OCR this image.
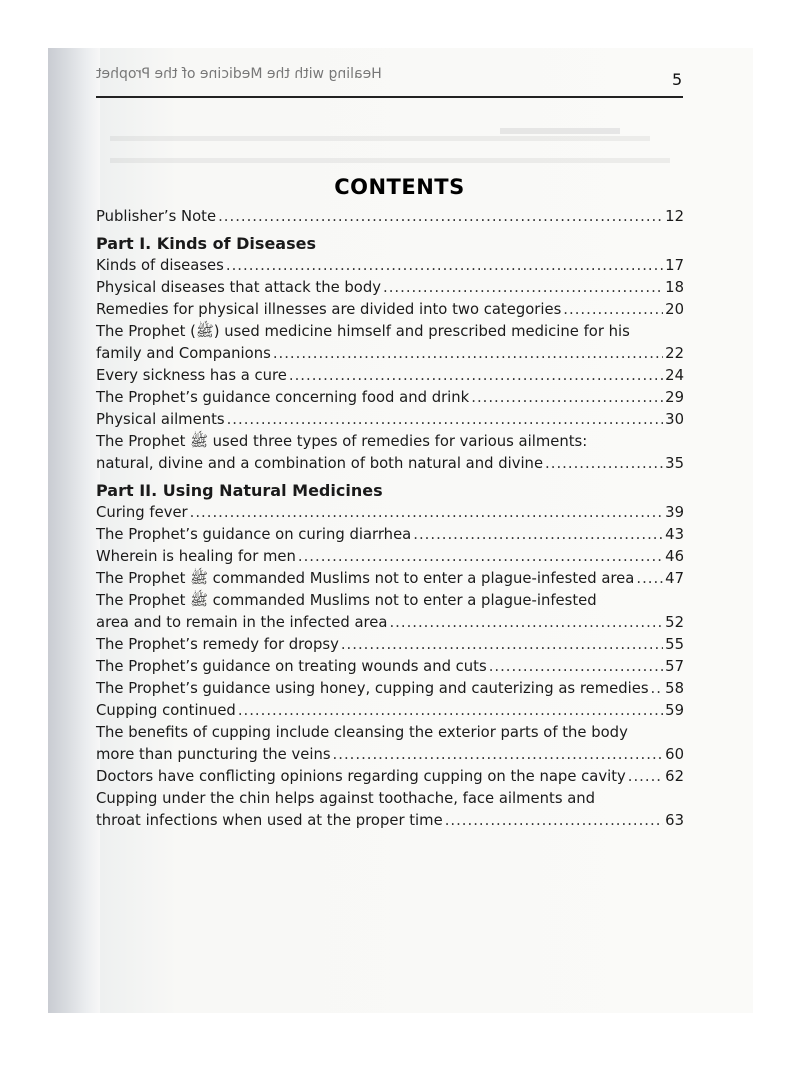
Healing with the Medicine of the Prophet	5
CONTENTS
Publisher’s Note .....	12
Part I. Kinds of Diseases
Kinds of diseases .....	17
Physical diseases that attack the body .....	18
Remedies for physical illnesses are divided into two categories .....	20
The Prophet (ﷺ) used medicine himself and prescribed medicine for his
family and Companions .....	22
Every sickness has a cure .....	24
The Prophet’s guidance concerning food and drink .....	29
Physical ailments .....	30
The Prophet ﷺ used three types of remedies for various ailments:
natural, divine and a combination of both natural and divine .....	35
Part II. Using Natural Medicines
Curing fever .....	39
The Prophet’s guidance on curing diarrhea .....	43
Wherein is healing for men .....	46
The Prophet ﷺ commanded Muslims not to enter a plague-infested area ..... 47
The Prophet ﷺ commanded Muslims not to enter a plague-infested
area and to remain in the infected area .....	52
The Prophet’s remedy for dropsy .....	55
The Prophet’s guidance on treating wounds and cuts .....	57
The Prophet’s guidance using honey, cupping and cauterizing as remedies ..... 58
Cupping continued .....	59
The benefits of cupping include cleansing the exterior parts of the body
more than puncturing the veins .....	60
Doctors have conflicting opinions regarding cupping on the nape cavity .....	62
Cupping under the chin helps against toothache, face ailments and
throat infections when used at the proper time .....	63
